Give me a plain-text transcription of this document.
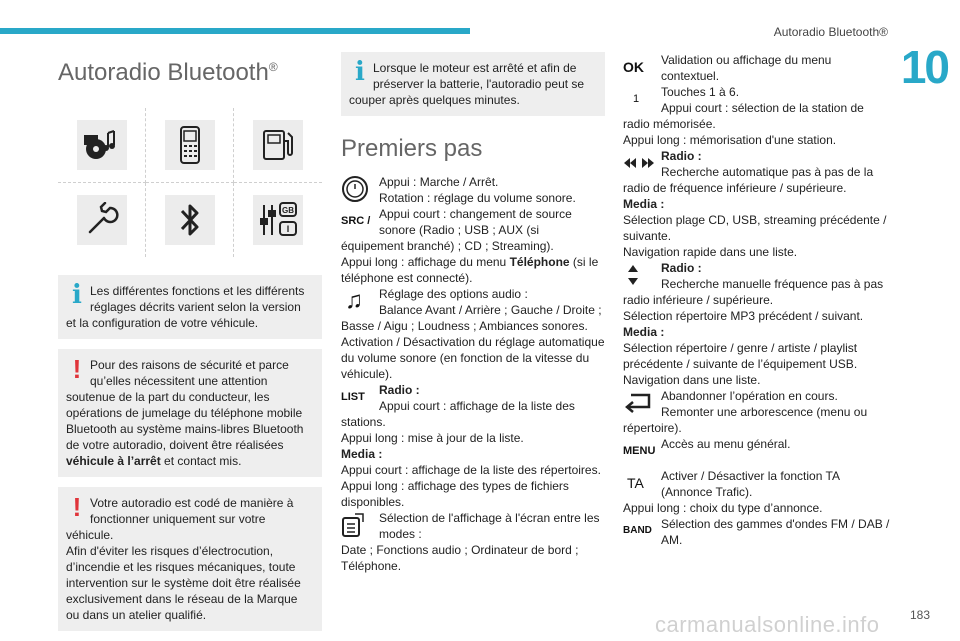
Autoradio Bluetooth®
10
183
carmanualsonline.info
Autoradio Bluetooth®
GB
I
i Les différentes fonctions et les différents réglages décrits varient selon la version
et la configuration de votre véhicule.
! Pour des raisons de sécurité et parce qu’elles nécessitent une attention
soutenue de la part du conducteur, les opérations de jumelage du téléphone mobile Bluetooth au système mains-libres Bluetooth de votre autoradio, doivent être réalisées véhicule à l’arrêt et contact mis.
! Votre autoradio est codé de manière à fonctionner uniquement sur votre
véhicule.
Afin d'éviter les risques d’électrocution, d’incendie et les risques mécaniques, toute intervention sur le système doit être réalisée exclusivement dans le réseau de la Marque ou dans un atelier qualifié.
i Lorsque le moteur est arrêté et afin de préserver la batterie, l'autoradio peut se
couper après quelques minutes.
Premiers pas
Appui : Marche / Arrêt.
Rotation : réglage du volume sonore.
SRC / Appui court : changement de source sonore (Radio ; USB ; AUX (si
équipement branché) ; CD ; Streaming).
Appui long : affichage du menu Téléphone (si le téléphone est connecté).
♫	Réglage des options audio :
Balance Avant / Arrière ; Gauche / Droite ;
Basse / Aigu ; Loudness ; Ambiances sonores.
Activation / Désactivation du réglage automatique du volume sonore (en fonction de la vitesse du véhicule).
LIST	Radio :
Appui court : affichage de la liste des
stations.
Appui long : mise à jour de la liste.
Media :
Appui court : affichage de la liste des répertoires.
Appui long : affichage des types de fichiers disponibles.
Sélection de l'affichage à l'écran entre les modes :
Date ; Fonctions audio ; Ordinateur de bord ; Téléphone.
OK	Validation ou affichage du menu contextuel.
1	Touches 1 à 6.
Appui court : sélection de la station de
radio mémorisée.
Appui long : mémorisation d'une station.
Radio :
Recherche automatique pas à pas de la
radio de fréquence inférieure / supérieure.
Media :
Sélection plage CD, USB, streaming précédente / suivante.
Navigation rapide dans une liste.
Radio :
Recherche manuelle fréquence pas à pas
radio inférieure / supérieure.
Sélection répertoire MP3 précédent / suivant.
Media :
Sélection répertoire / genre / artiste / playlist précédente / suivante de l’équipement USB.
Navigation dans une liste.
Abandonner l’opération en cours.
Remonter une arborescence (menu ou
répertoire).
MENU Accès au menu général.
TA	Activer / Désactiver la fonction TA (Annonce Trafic).
Appui long : choix du type d’annonce.
BAND Sélection des gammes d'ondes FM / DAB / AM.
